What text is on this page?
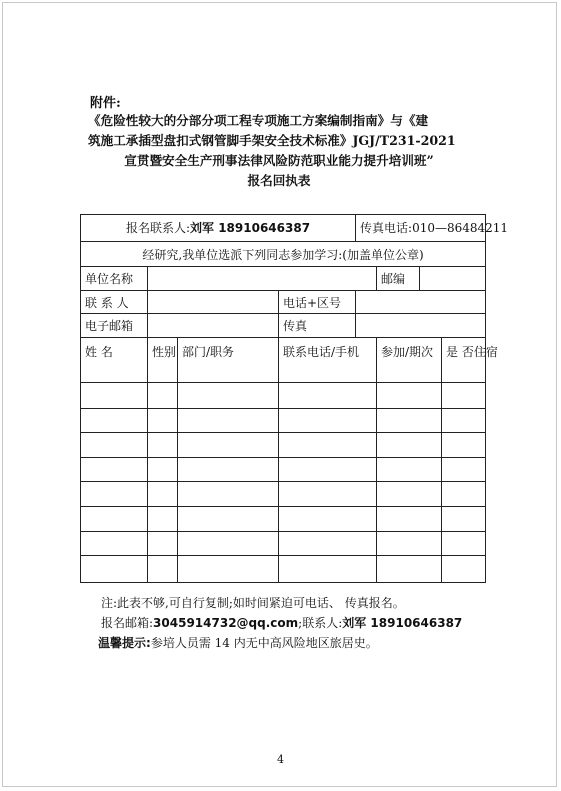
附件:
《危险性较大的分部分项工程专项施工方案编制指南》与《建
筑施工承插型盘扣式钢管脚手架安全技术标准》JGJ/T231-2021
宣贯暨安全生产刑事法律风险防范职业能力提升培训班”
报名回执表
报名联系人:刘军 18910646387				传真电话:010—86484211			
经研究,我单位选派下列同志参加学习:(加盖单位公章)							
单位名称					邮编		
联 系 人			电话+区号				
电子邮箱			传真				
姓 名	性别	部门/职务	联系电话/手机		参加/期次		是 否住宿

注:此表不够,可自行复制;如时间紧迫可电话、 传真报名。
报名邮箱:3045914732@qq.com;联系人:刘军 18910646387
温馨提示:参培人员需 14 内无中高风险地区旅居史。
4
